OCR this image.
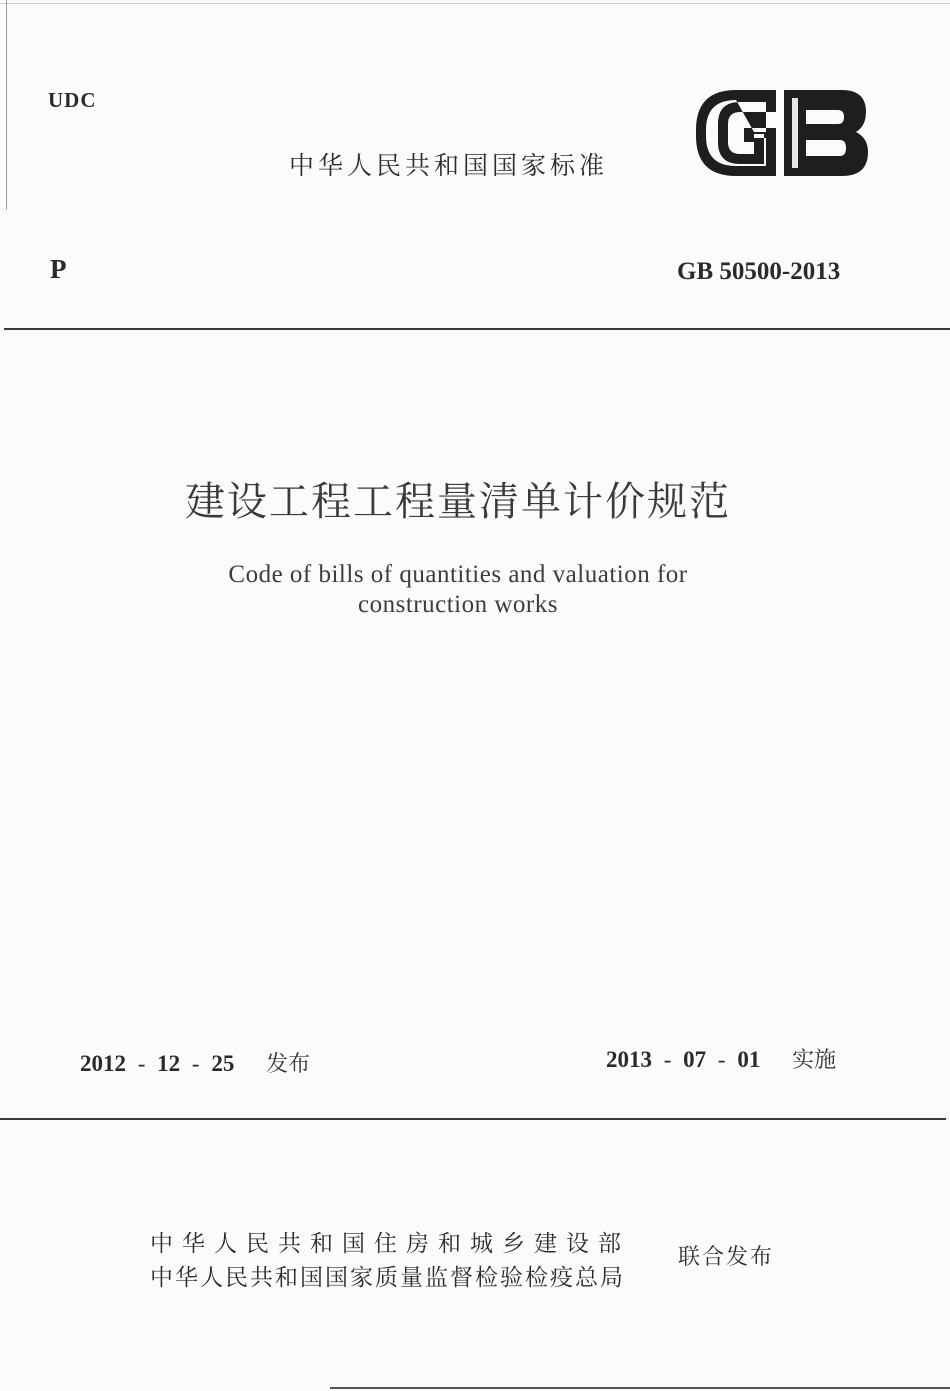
UDC
中华人民共和国国家标准
P	GB 50500-2013
建设工程工程量清单计价规范
Code of bills of quantities and valuation for
construction works
2012 - 12 - 25 发布	2013 - 07 - 01 实施
中华人民共和国住房和城乡建设部
中华人民共和国国家质量监督检验检疫总局
联合发布
